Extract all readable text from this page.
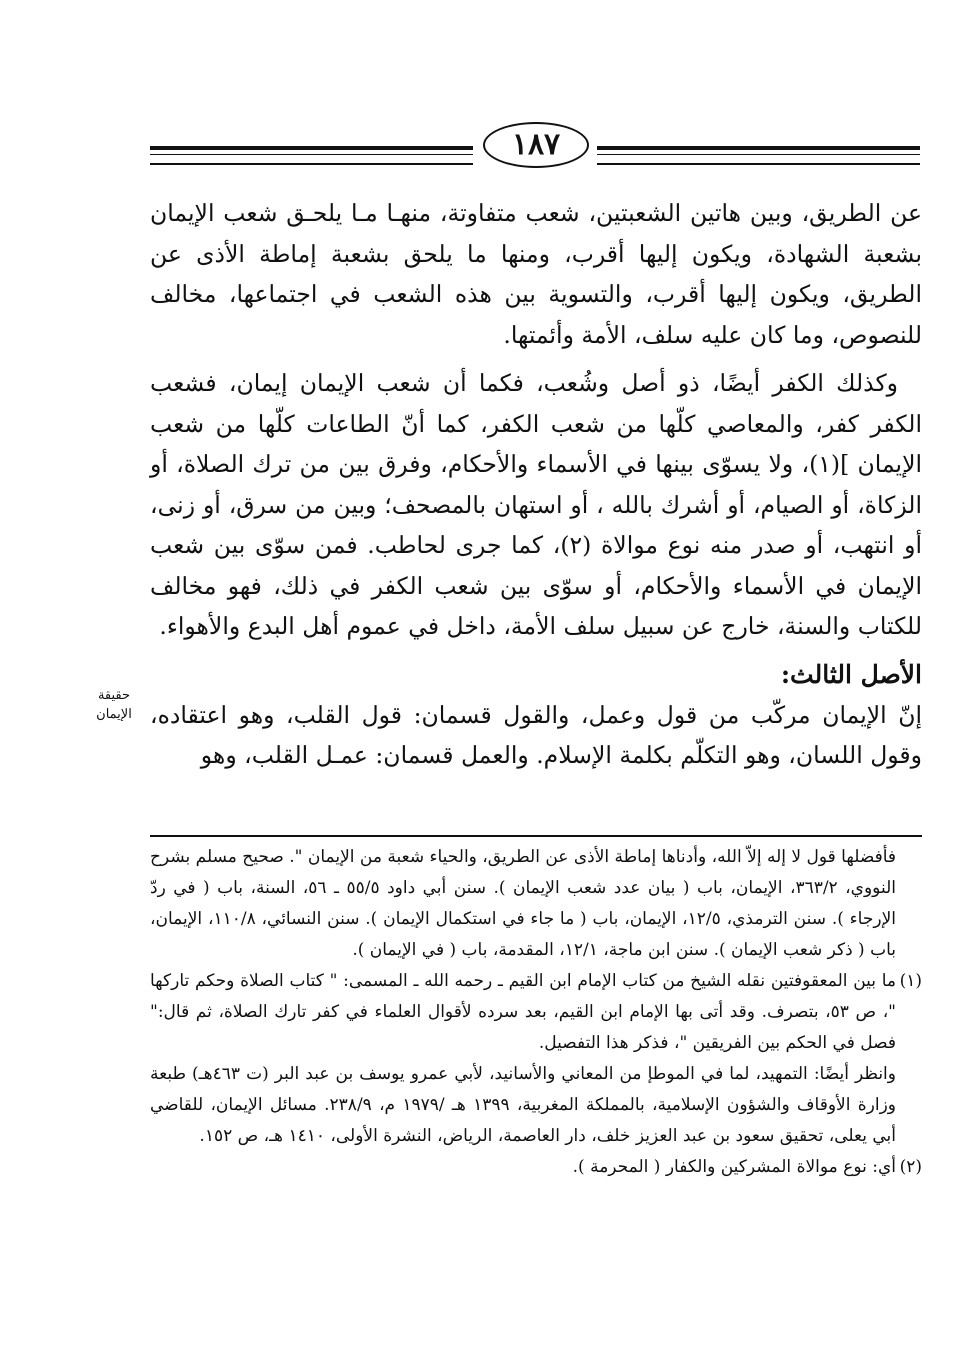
١٨٧

عن الطريق، وبين هاتين الشعبتين، شعب متفاوتة، منهـا مـا يلحـق شعب الإيمان بشعبة الشهادة، ويكون إليها أقرب، ومنها ما يلحق بشعبة إماطة الأذى عن الطريق، ويكون إليها أقرب، والتسوية بين هذه الشعب في اجتماعها، مخالف للنصوص، وما كان عليه سلف، الأمة وأئمتها.

وكذلك الكفر أيضًا، ذو أصل وشُعب، فكما أن شعب الإيمان إيمان، فشعب الكفر كفر، والمعاصي كلّها من شعب الكفر، كما أنّ الطاعات كلّها من شعب الإيمان ](١)، ولا يسوّى بينها في الأسماء والأحكام، وفرق بين من ترك الصلاة، أو الزكاة، أو الصيام، أو أشرك بالله ، أو استهان بالمصحف؛ وبين من سرق، أو زنى، أو انتهب، أو صدر منه نوع موالاة (٢)، كما جرى لحاطب. فمن سوّى بين شعب الإيمان في الأسماء والأحكام، أو سوّى بين شعب الكفر في ذلك، فهو مخالف للكتاب والسنة، خارج عن سبيل سلف الأمة، داخل في عموم أهل البدع والأهواء.

الأصل الثالث:

إنّ الإيمان مركّب من قول وعمل، والقول قسمان: قول القلب، وهو اعتقاده، وقول اللسان، وهو التكلّم بكلمة الإسلام. والعمل قسمان: عمـل القلب، وهو

حقيقة الإيمان

فأفضلها قول لا إله إلاّ الله، وأدناها إماطة الأذى عن الطريق، والحياء شعبة من الإيمان ". صحيح مسلم بشرح النووي، ٣٦٣/٢، الإيمان، باب ( بيان عدد شعب الإيمان ). سنن أبي داود ٥٥/٥ ـ ٥٦، السنة، باب ( في ردّ الإرجاء ). سنن الترمذي، ١٢/٥، الإيمان، باب ( ما جاء في استكمال الإيمان ). سنن النسائي، ١١٠/٨، الإيمان، باب ( ذكر شعب الإيمان ). سنن ابن ماجة، ١٢/١، المقدمة، باب ( في الإيمان ).

(١)ما بين المعقوفتين نقله الشيخ من كتاب الإمام ابن القيم ـ رحمه الله ـ المسمى: " كتاب الصلاة وحكم تاركها "، ص ٥٣، بتصرف. وقد أتى بها الإمام ابن القيم، بعد سرده لأقوال العلماء في كفر تارك الصلاة، ثم قال:" فصل في الحكم بين الفريقين "، فذكر هذا التفصيل.

وانظر أيضًا: التمهيد، لما في الموطإ من المعاني والأسانيد، لأبي عمرو يوسف بن عبد البر (ت ٤٦٣هـ) طبعة وزارة الأوقاف والشؤون الإسلامية، بالمملكة المغربية، ١٣٩٩ هـ /١٩٧٩ م، ٢٣٨/٩. مسائل الإيمان، للقاضي أبي يعلى، تحقيق سعود بن عبد العزيز خلف، دار العاصمة، الرياض، النشرة الأولى، ١٤١٠ هـ، ص ١٥٢.

(٢)أي: نوع موالاة المشركين والكفار ( المحرمة ).
